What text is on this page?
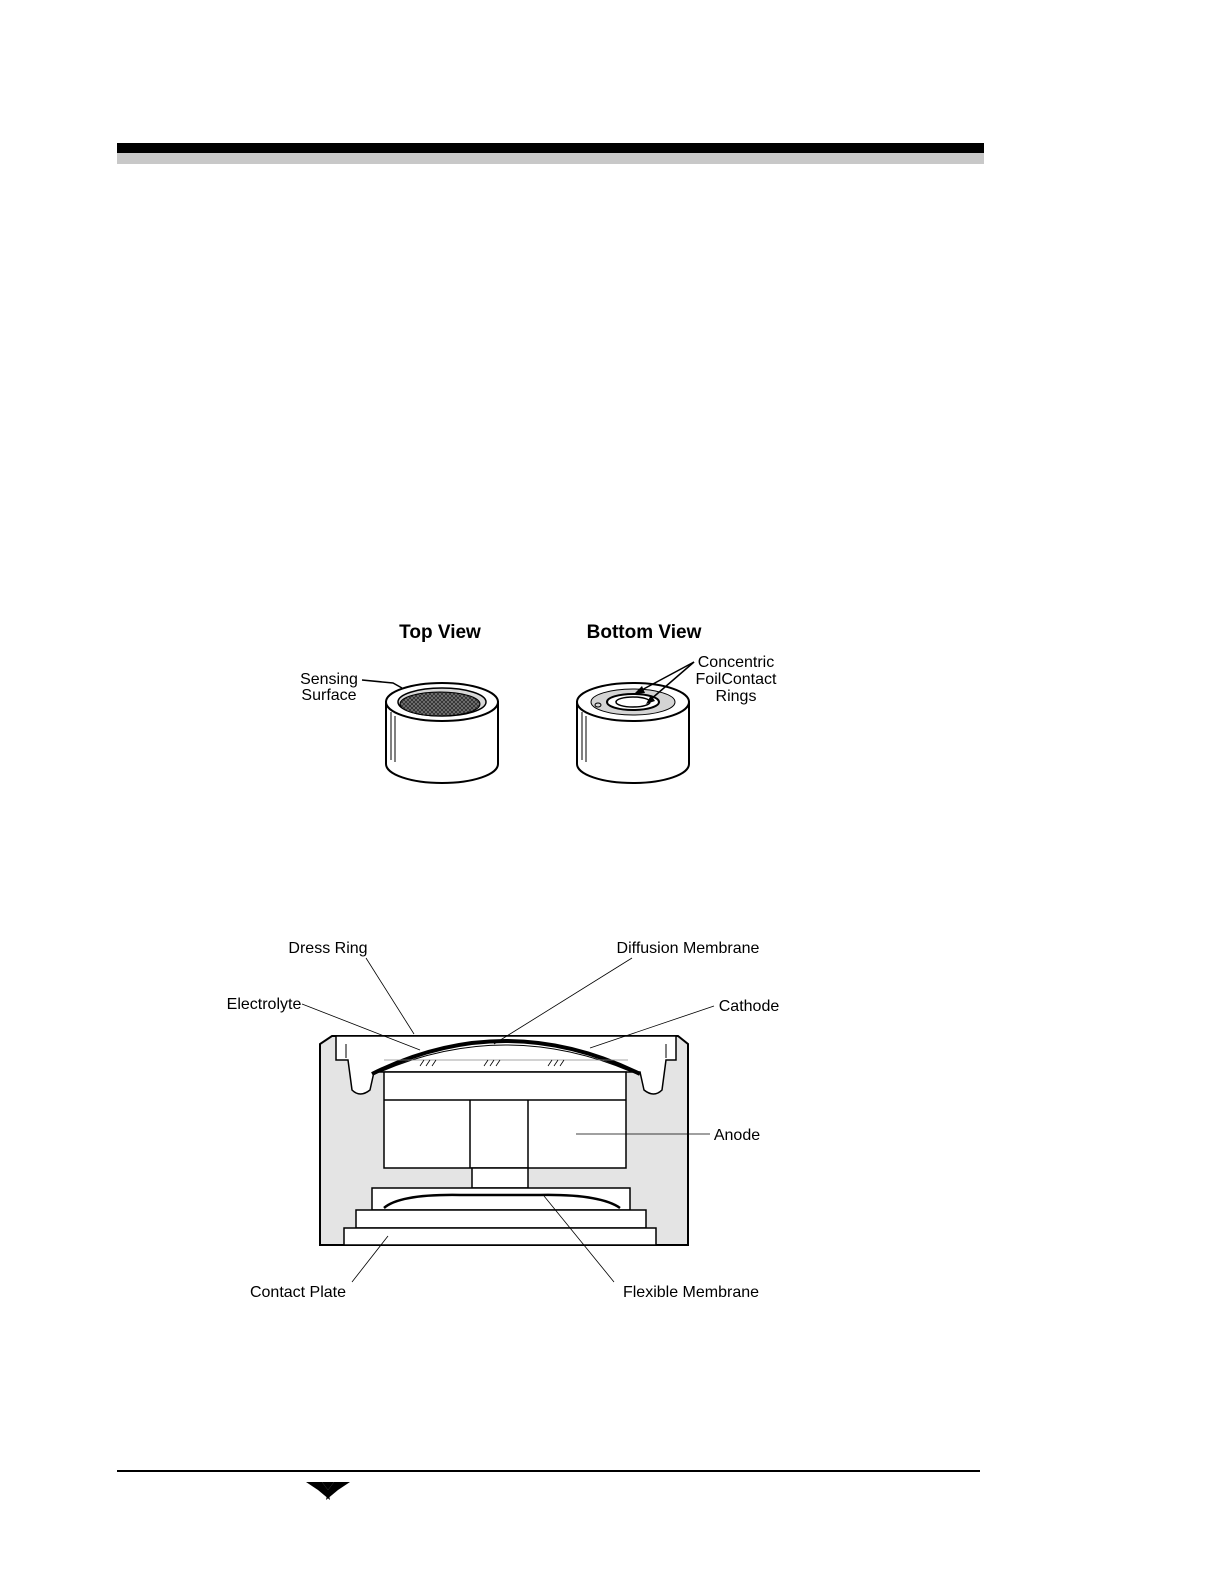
Top View	Bottom View
Sensing
Surface
Concentric
FoilContact
Rings
Dress Ring	Diffusion Membrane
Electrolyte	Cathode
Anode
Contact Plate	Flexible Membrane
